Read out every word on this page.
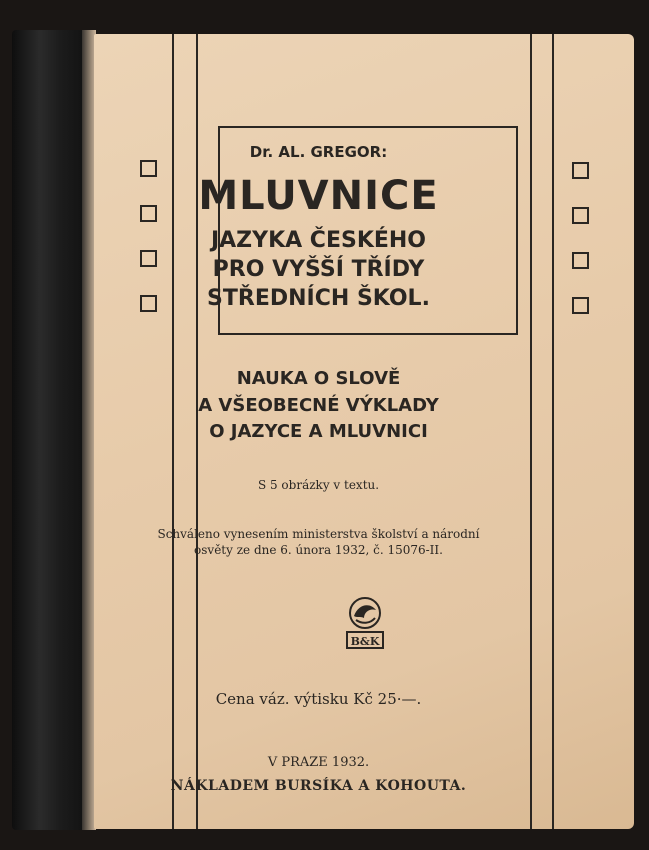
Dr. AL. GREGOR:
MLUVNICE
JAZYKA ČESKÉHO
PRO VYŠŠÍ TŘÍDY
STŘEDNÍCH ŠKOL.
NAUKA O SLOVĚ
A VŠEOBECNÉ VÝKLADY
O JAZYCE A MLUVNICI
S 5 obrázky v textu.
Schváleno vynesením ministerstva školství a národní
osvěty ze dne 6. února 1932, č. 15076-II.
B&K
Cena váz. výtisku Kč 25·—.
V PRAZE 1932.
NÁKLADEM BURSÍKA A KOHOUTA.
